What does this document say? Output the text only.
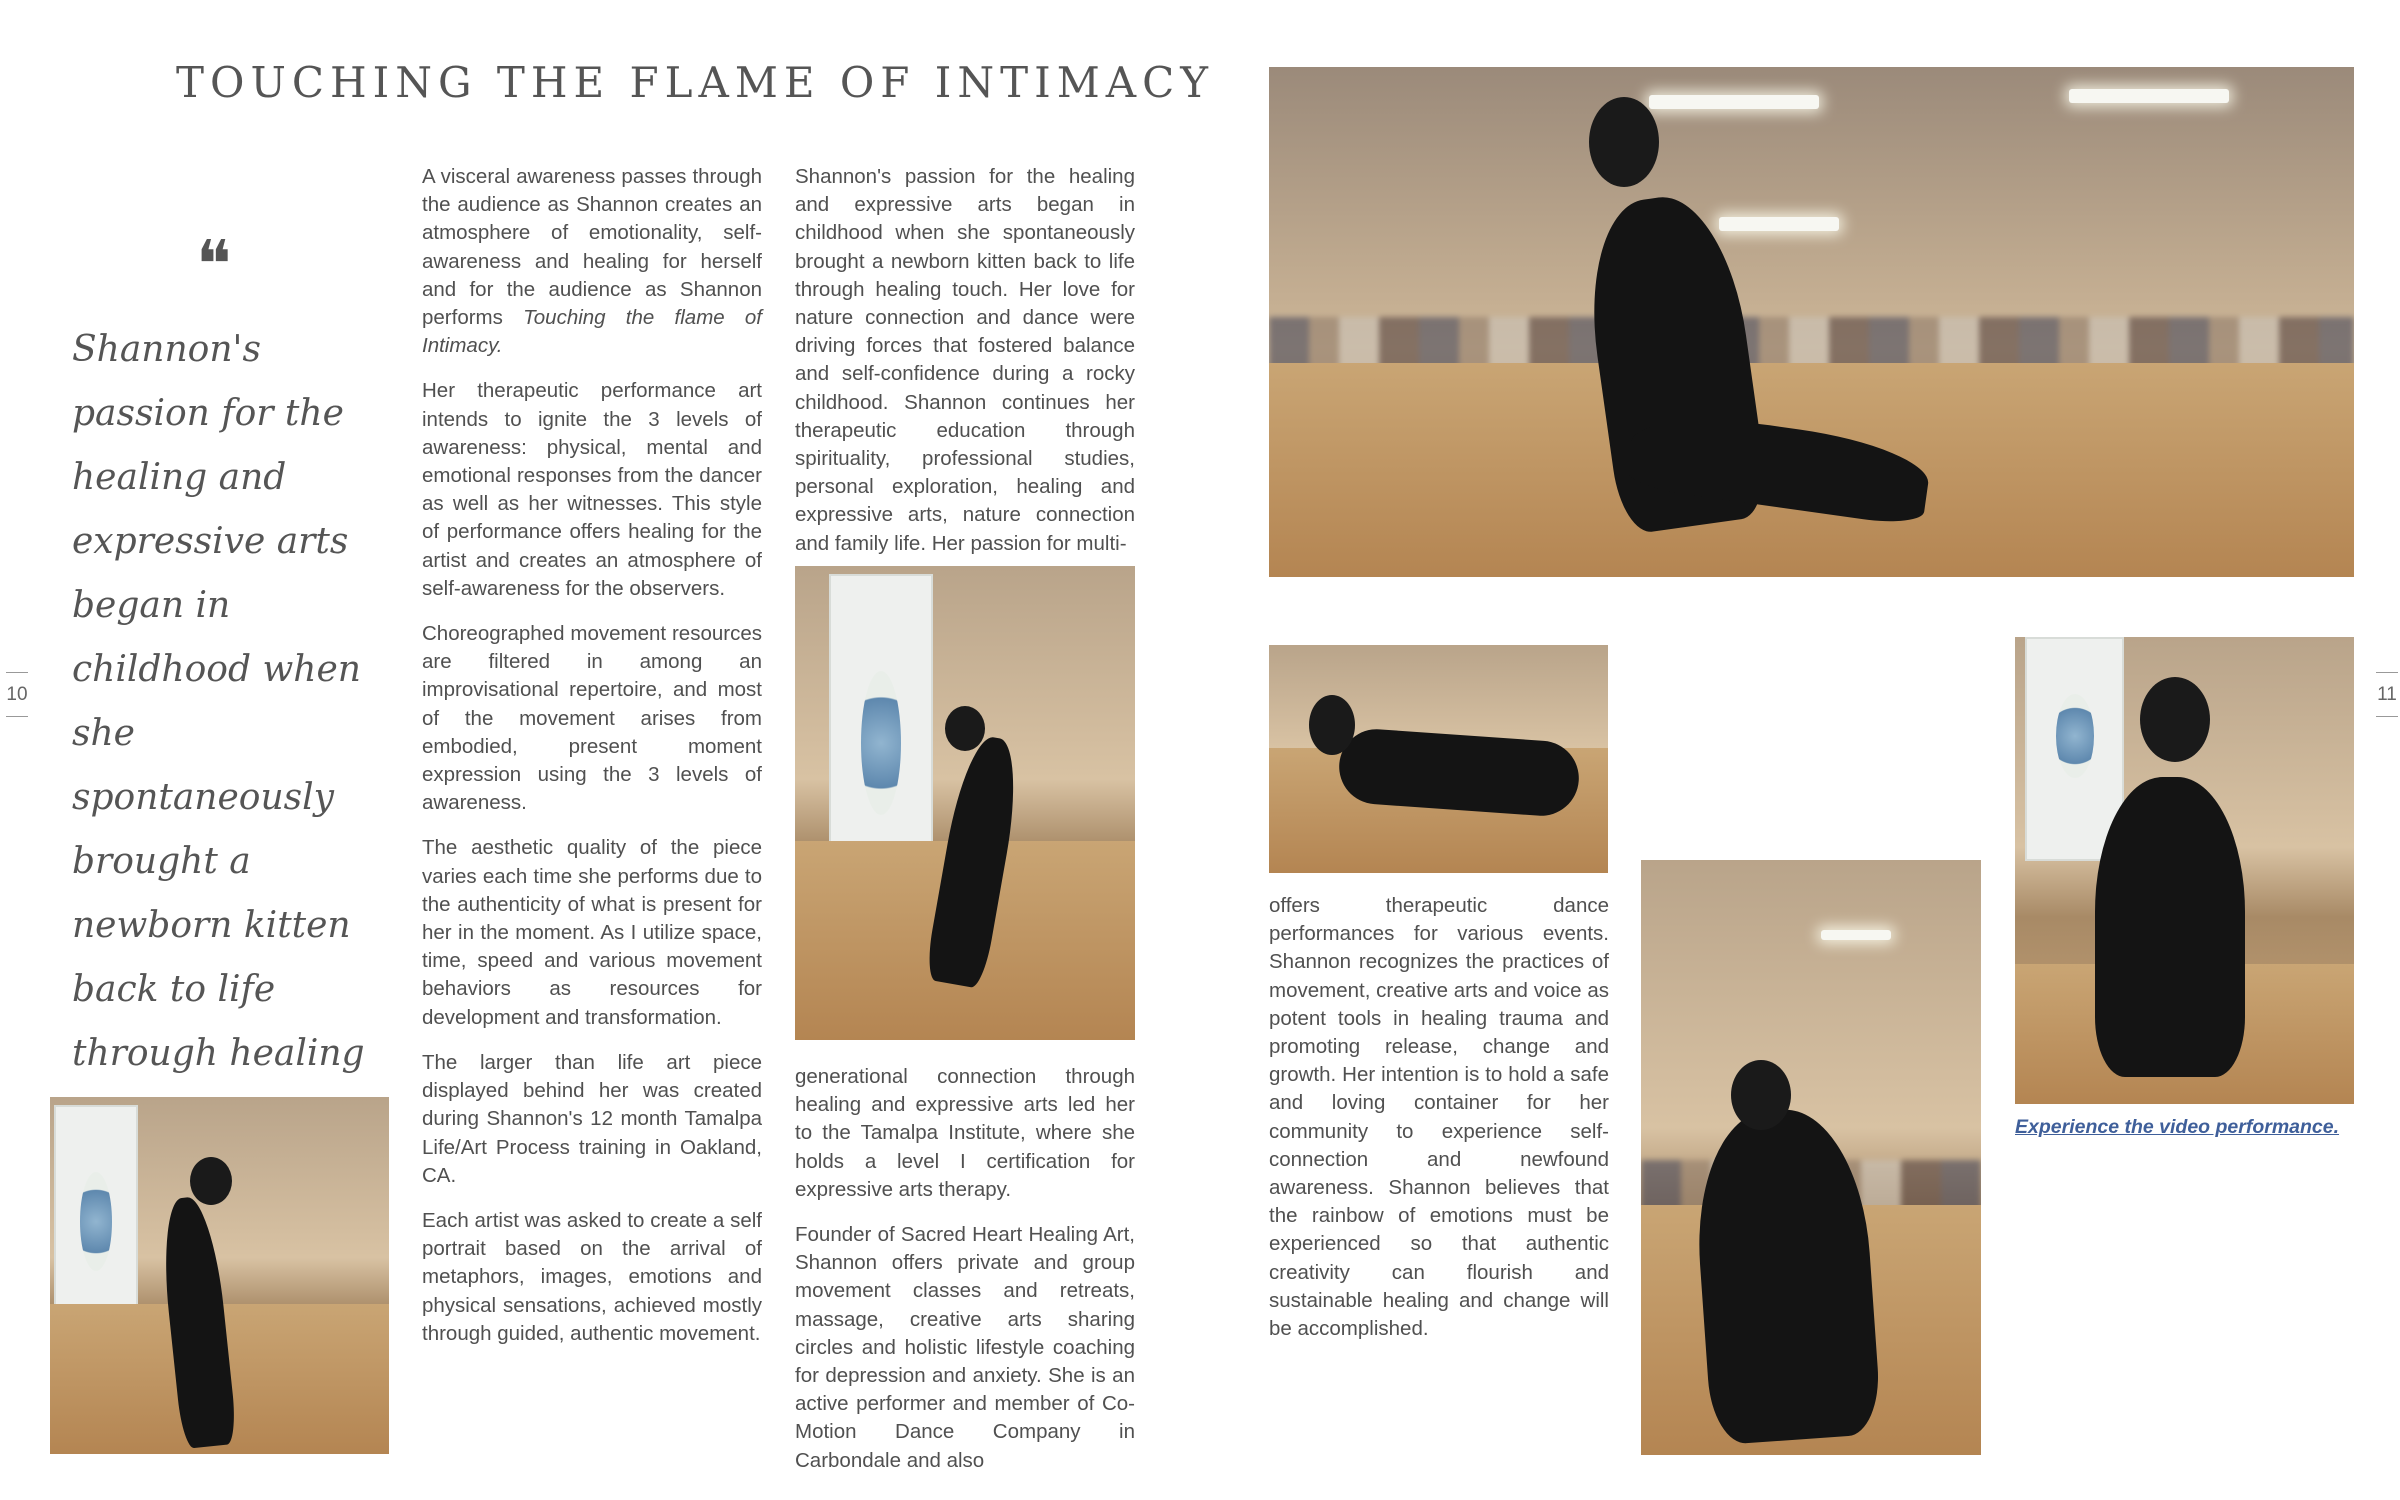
TOUCHING THE FLAME OF INTIMACY
10	11
❝

Shannon's passion for the healing and expressive arts began in childhood when she spontaneously brought a newborn kitten back to life through healing

A visceral awareness passes through the audience as Shannon creates an atmosphere of emotionality, self-awareness and healing for herself and for the audience as Shannon performs Touching the flame of Intimacy.

Her therapeutic performance art intends to ignite the 3 levels of awareness: physical, mental and emotional responses from the dancer as well as her witnesses. This style of performance offers healing for the artist and creates an atmosphere of self-awareness for the observers.

Choreographed movement resources are filtered in among an improvisational repertoire, and most of the movement arises from embodied, present moment expression using the 3 levels of awareness.

The aesthetic quality of the piece varies each time she performs due to the authenticity of what is present for her in the moment. As I utilize space, time, speed and various movement behaviors as resources for development and transformation.

The larger than life art piece displayed behind her was created during Shannon's 12 month Tamalpa Life/Art Process training in Oakland, CA.

Each artist was asked to create a self portrait based on the arrival of metaphors, images, emotions and physical sensations, achieved mostly through guided, authentic movement.

Shannon's passion for the healing and expressive arts began in childhood when she spontaneously brought a newborn kitten back to life through healing touch. Her love for nature connection and dance were driving forces that fostered balance and self-confidence during a rocky childhood. Shannon continues her therapeutic education through spirituality, professional studies, personal exploration, healing and expressive arts, nature connection and family life. Her passion for multi-

generational connection through healing and expressive arts led her to the Tamalpa Institute, where she holds a level I certification for expressive arts therapy.

Founder of Sacred Heart Healing Art, Shannon offers private and group movement classes and retreats, massage, creative arts sharing circles and holistic lifestyle coaching for depression and anxiety. She is an active performer and member of Co-Motion Dance Company in Carbondale and also

offers therapeutic dance performances for various events. Shannon recognizes the practices of movement, creative arts and voice as potent tools in healing trauma and promoting release, change and growth. Her intention is to hold a safe and loving container for her community to experience self-connection and newfound awareness. Shannon believes that the rainbow of emotions must be experienced so that authentic creativity can flourish and sustainable healing and change will be accomplished.

Experience the video performance.
